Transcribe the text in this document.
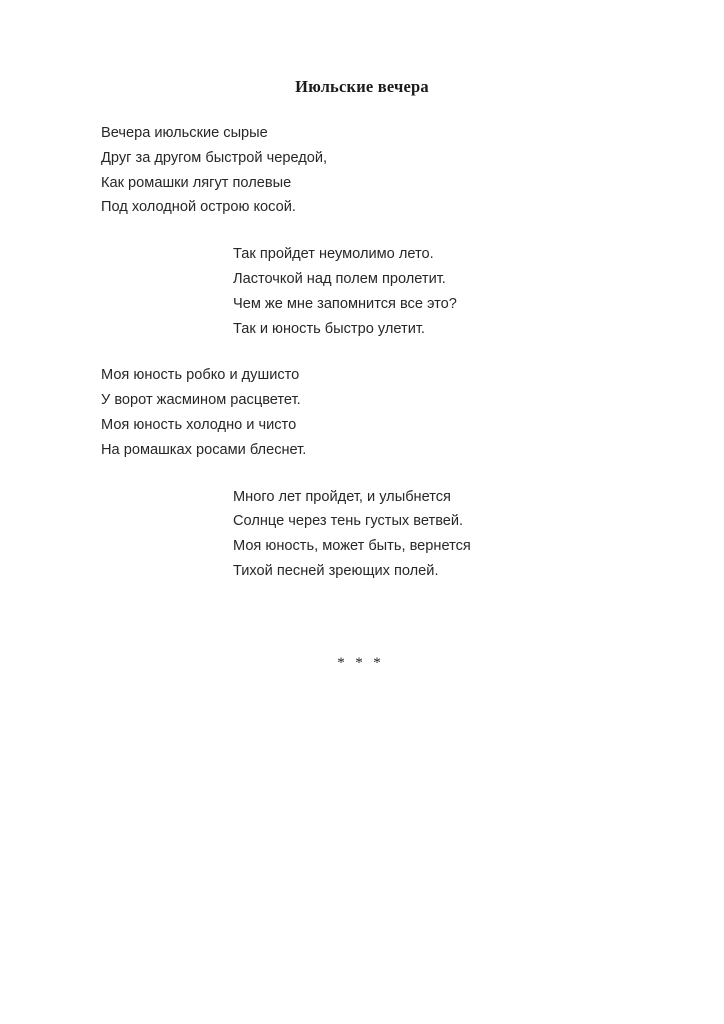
Июльские вечера
Вечера июльские сырые
Друг за другом быстрой чередой,
Как ромашки лягут полевые
Под холодной острою косой.
Так пройдет неумолимо лето.
Ласточкой над полем пролетит.
Чем же мне запомнится все это?
Так и юность быстро улетит.
Моя юность робко и душисто
У ворот жасмином расцветет.
Моя юность холодно и чисто
На ромашках росами блеснет.
Много лет пройдет, и улыбнется
Солнце через тень густых ветвей.
Моя юность, может быть, вернется
Тихой песней зреющих полей.

*  *  *
